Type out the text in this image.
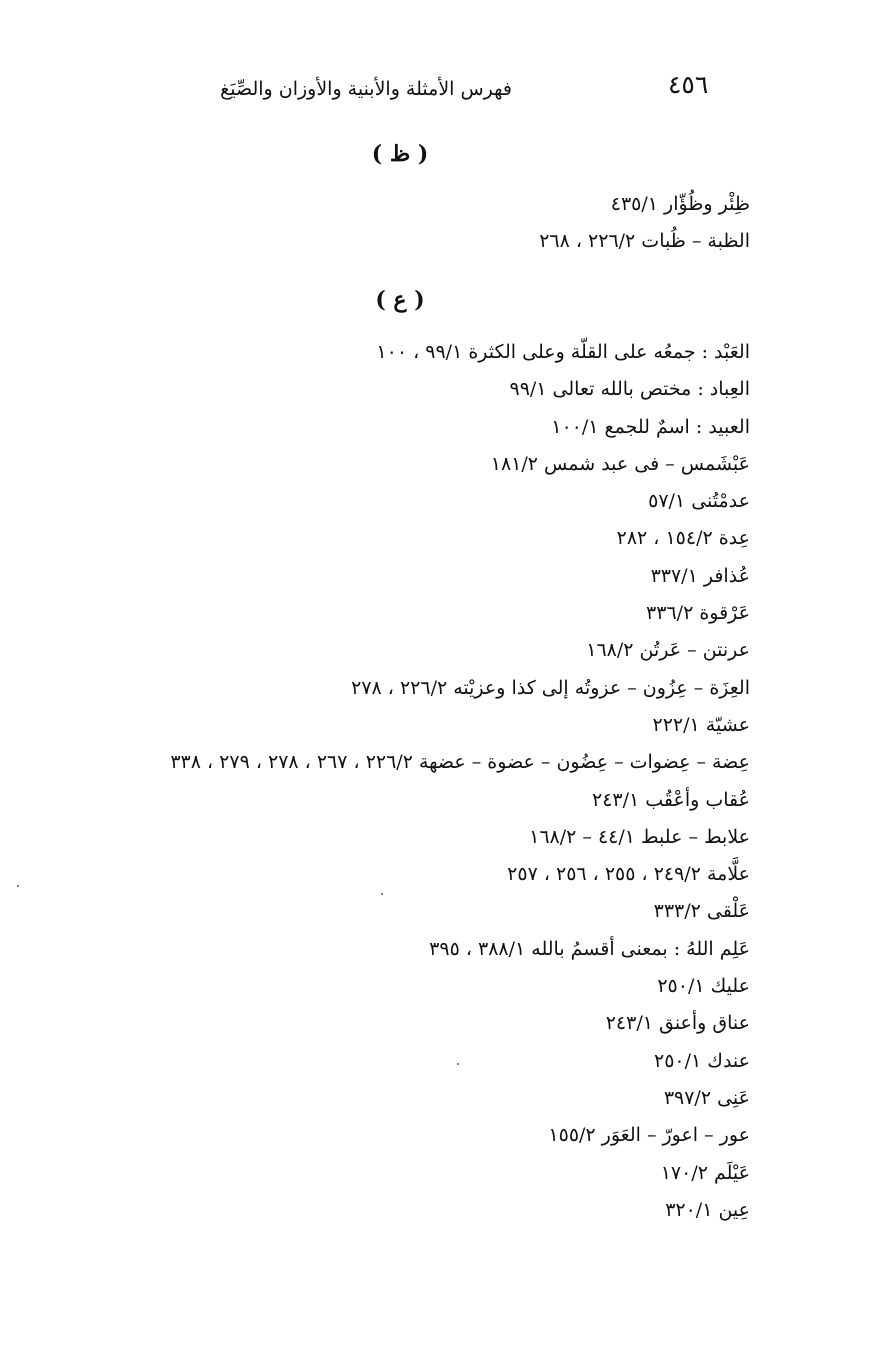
٤٥٦
فهرس الأمثلة والأبنية والأوزان والصِّيَغ
( ظ )
ظِئْر وظُؤّار ٤٣٥/١
الظبة – ظُبات ٢٢٦/٢ ، ٢٦٨
( ع )
العَبْد : جمعُه على القلّة وعلى الكثرة ٩٩/١ ، ١٠٠
العِباد : مختص بالله تعالى ٩٩/١
العبيد : اسمٌ للجمع ١٠٠/١
عَبْشَمس – فى عبد شمس ١٨١/٢
عدمْتُنى ٥٧/١
عِدة ١٥٤/٢ ، ٢٨٢
عُذافر ٣٣٧/١
عَرْقوة ٣٣٦/٢
عرنتن – عَرتُن ١٦٨/٢
العِزَة – عِزُون – عزوتُه إلى كذا وعزيْته ٢٢٦/٢ ، ٢٧٨
عشيّة ٢٢٢/١
عِضة – عِضوات – عِضُون – عضوة – عضهة ٢٢٦/٢ ، ٢٦٧ ، ٢٧٨ ، ٢٧٩ ، ٣٣٨
عُقاب وأعْقُب ٢٤٣/١
علابط – علبط ٤٤/١ – ١٦٨/٢
علَّامة ٢٤٩/٢ ، ٢٥٥ ، ٢٥٦ ، ٢٥٧
عَلْقى ٣٣٣/٢
عَلِم اللهُ : بمعنى أقسمُ بالله ٣٨٨/١ ، ٣٩٥
عليك ٢٥٠/١
عناق وأعنق ٢٤٣/١
عندك ٢٥٠/١
عَنِى ٣٩٧/٢
عور – اعورّ – العَوَر ١٥٥/٢
عَيْلَم ١٧٠/٢
عِين ٣٢٠/١
